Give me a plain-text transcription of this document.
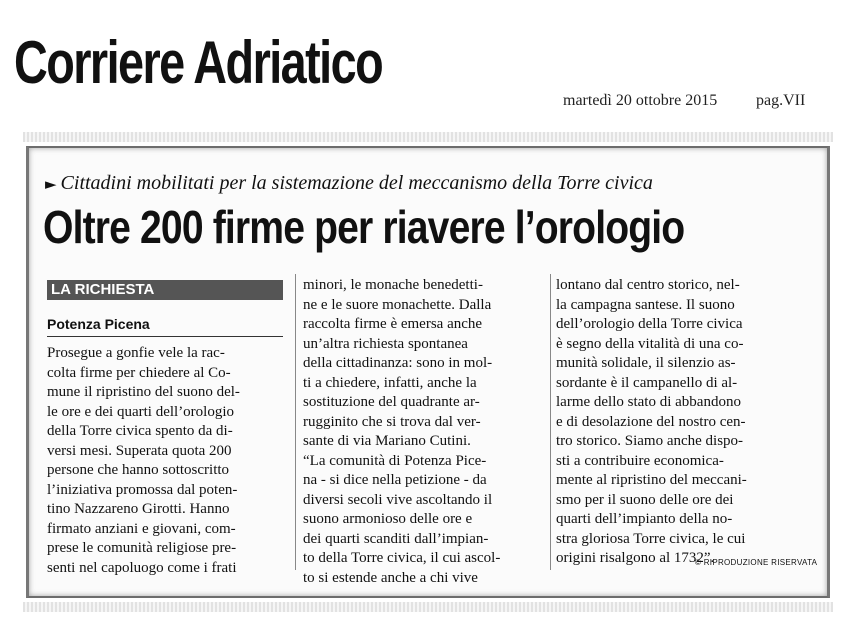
Corriere Adriatico
martedì 20 ottobre 2015 pag.VII
► Cittadini mobilitati per la sistemazione del meccanismo della Torre civica
Oltre 200 firme per riavere l’orologio
LA RICHIESTA
Potenza Picena
Prosegue a gonfie vele la rac-
colta firme per chiedere al Co-
mune il ripristino del suono del-
le ore e dei quarti dell’orologio
della Torre civica spento da di-
versi mesi. Superata quota 200
persone che hanno sottoscritto
l’iniziativa promossa dal poten-
tino Nazzareno Girotti. Hanno
firmato anziani e giovani, com-
prese le comunità religiose pre-
senti nel capoluogo come i frati
minori, le monache benedetti-
ne e le suore monachette. Dalla
raccolta firme è emersa anche
un’altra richiesta spontanea
della cittadinanza: sono in mol-
ti a chiedere, infatti, anche la
sostituzione del quadrante ar-
rugginito che si trova dal ver-
sante di via Mariano Cutini.
“La comunità di Potenza Pice-
na - si dice nella petizione - da
diversi secoli vive ascoltando il
suono armonioso delle ore e
dei quarti scanditi dall’impian-
to della Torre civica, il cui ascol-
to si estende anche a chi vive
lontano dal centro storico, nel-
la campagna santese. Il suono
dell’orologio della Torre civica
è segno della vitalità di una co-
munità solidale, il silenzio as-
sordante è il campanello di al-
larme dello stato di abbandono
e di desolazione del nostro cen-
tro storico. Siamo anche dispo-
sti a contribuire economica-
mente al ripristino del meccani-
smo per il suono delle ore dei
quarti dell’impianto della no-
stra gloriosa Torre civica, le cui
origini risalgono al 1732”.
© RIPRODUZIONE RISERVATA
